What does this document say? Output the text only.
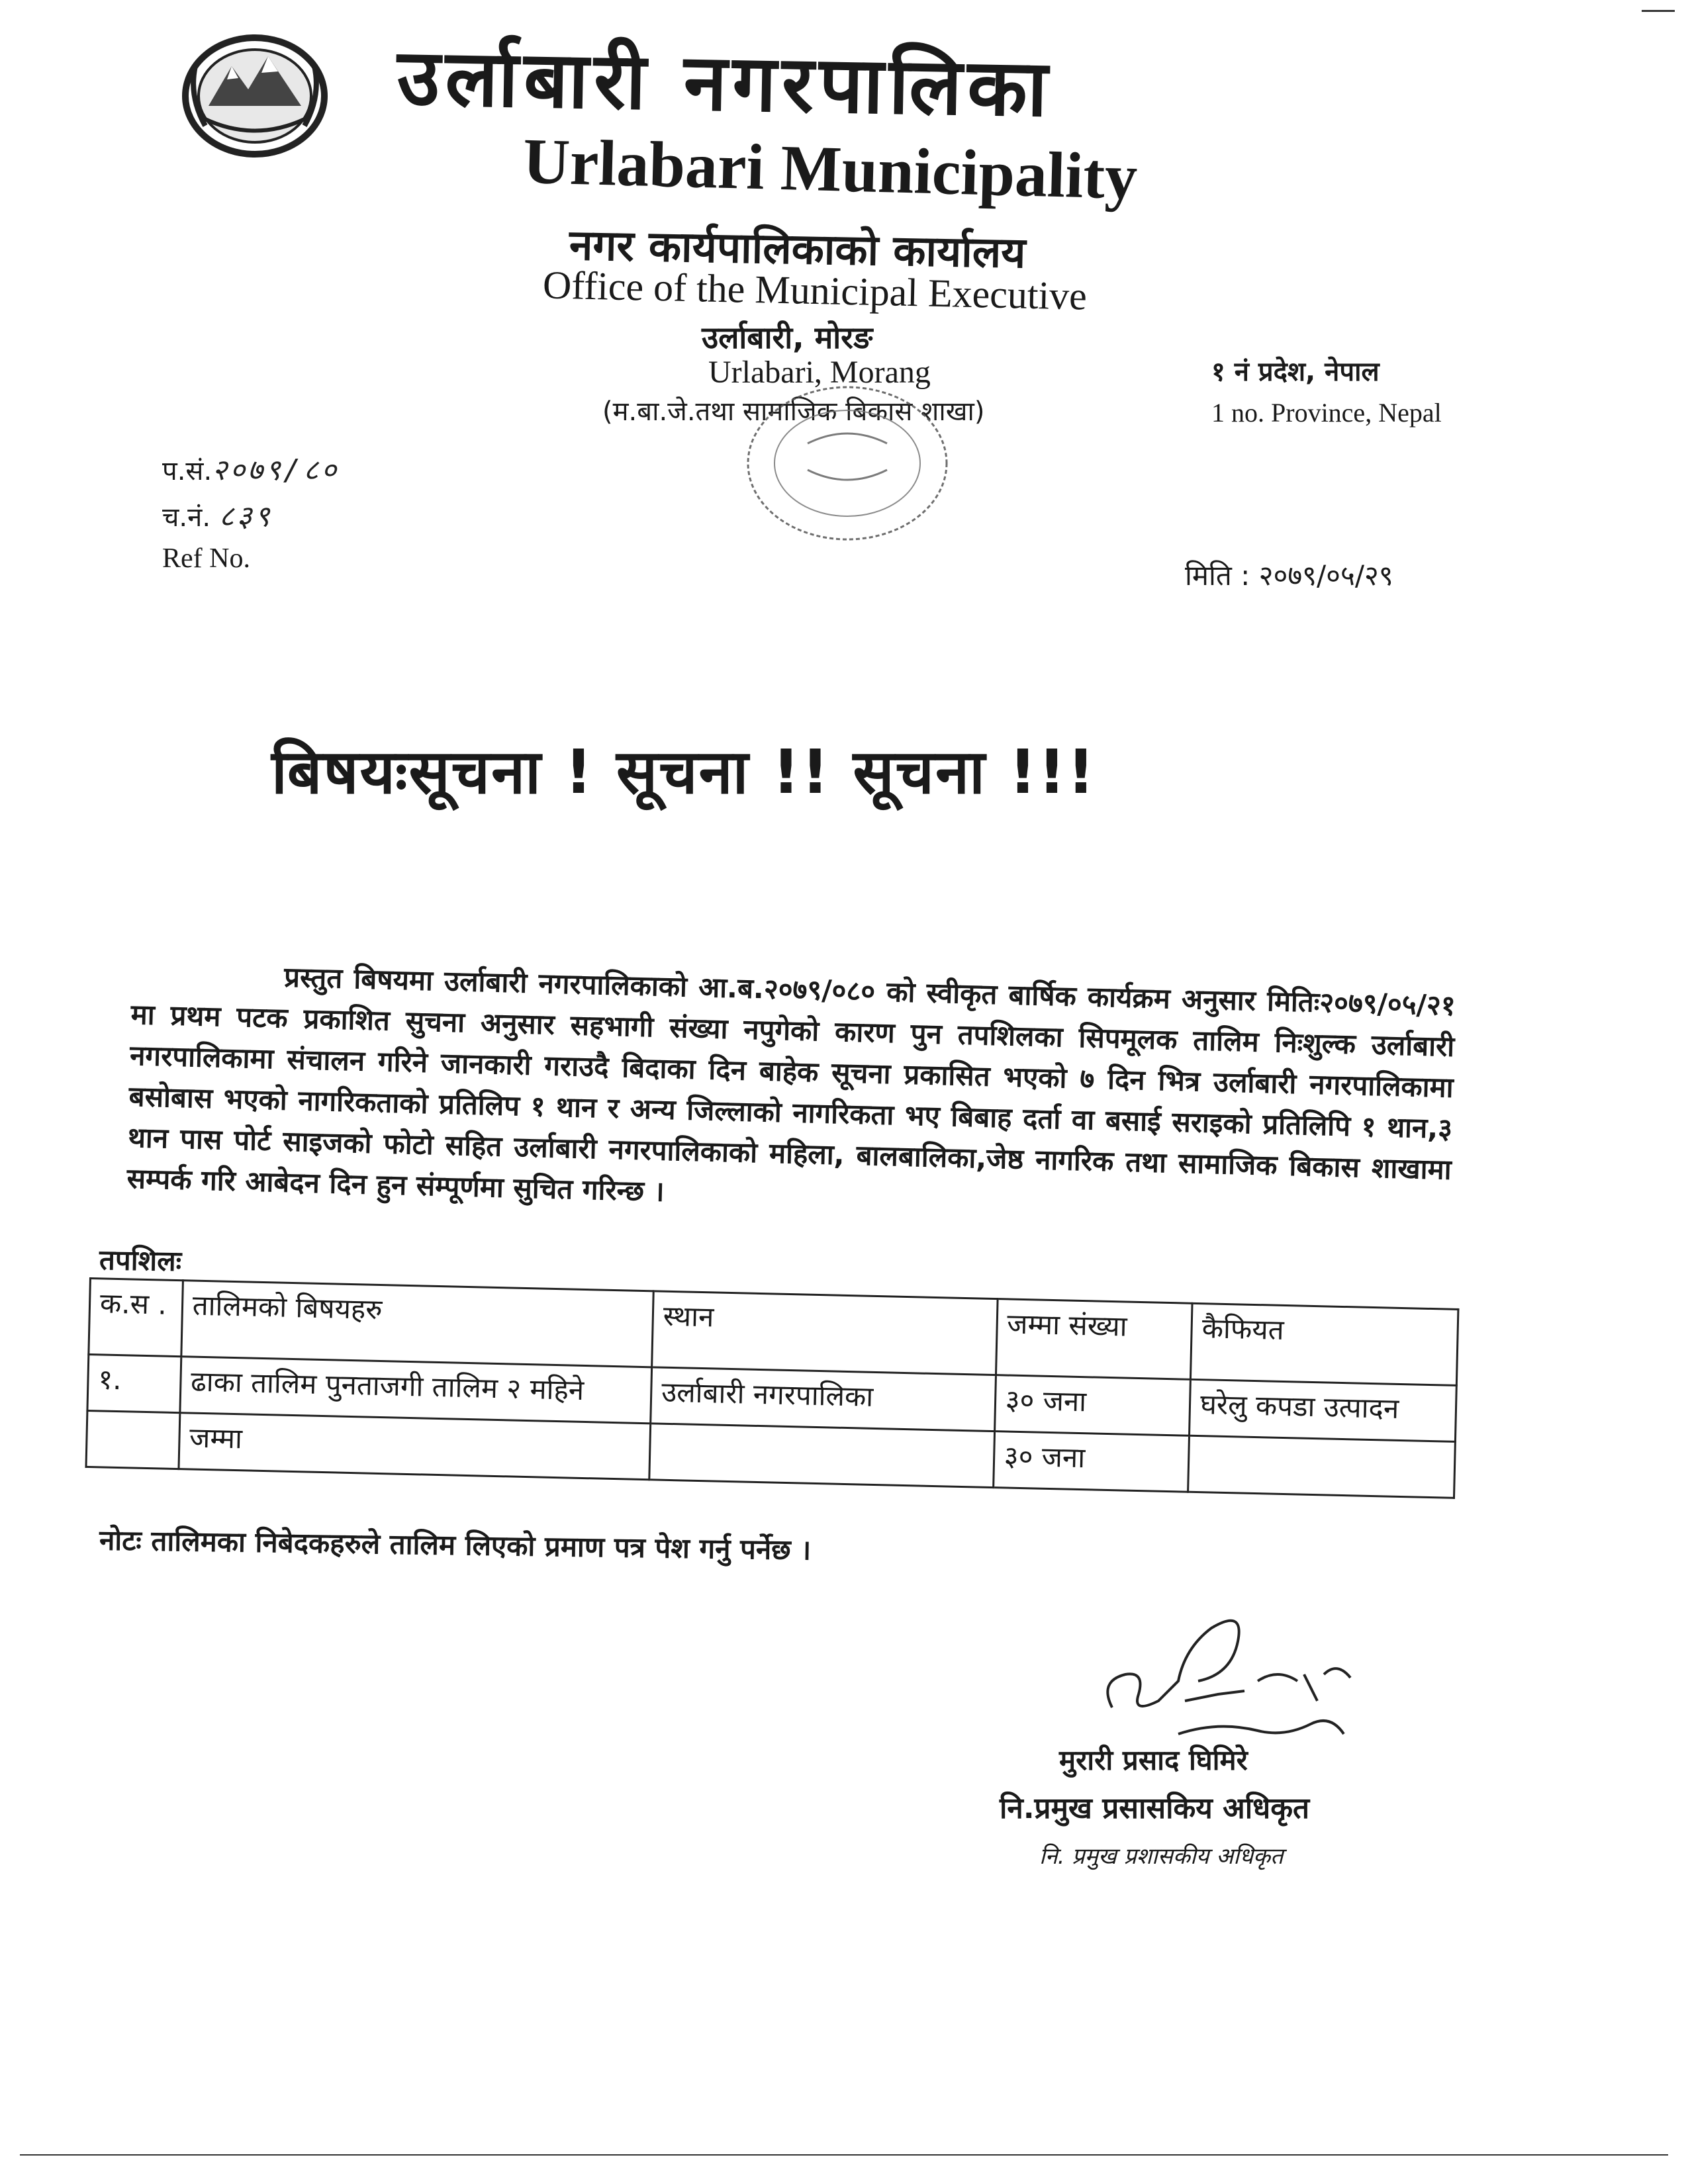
उर्लाबारी नगरपालिका
Urlabari Municipality
नगर कार्यपालिकाको कार्यालय
Office of the Municipal Executive
उर्लाबारी, मोरङ
Urlabari, Morang
(म.बा.जे.तथा सामाजिक बिकास शाखा)
१ नं प्रदेश, नेपाल
1 no. Province, Nepal
प.सं.२०७९/८०
च.नं. ८३९
Ref No.
मिति : २०७९/०५/२९
बिषयःसूचना ! सूचना !! सूचना !!!
प्रस्तुत बिषयमा उर्लाबारी नगरपालिकाको आ.ब.२०७९/०८० को स्वीकृत बार्षिक कार्यक्रम अनुसार मितिः२०७९/०५/२१ मा प्रथम पटक प्रकाशित सुचना अनुसार सहभागी संख्या नपुगेको कारण पुन तपशिलका सिपमूलक तालिम निःशुल्क उर्लाबारी नगरपालिकामा संचालन गरिने जानकारी गराउदै बिदाका दिन बाहेक सूचना प्रकासित भएको ७ दिन भित्र उर्लाबारी नगरपालिकामा बसोबास भएको नागरिकताको प्रतिलिप १ थान र अन्य जिल्लाको नागरिकता भए बिबाह दर्ता वा बसाई सराइको प्रतिलिपि १ थान,३ थान पास पोर्ट साइजको फोटो सहित उर्लाबारी नगरपालिकाको महिला, बालबालिका,जेष्ठ नागरिक तथा सामाजिक बिकास शाखामा सम्पर्क गरि आबेदन दिन हुन संम्पूर्णमा सुचित गरिन्छ ।
तपशिलः
क.स .	तालिमको बिषयहरु	स्थान	जम्मा संख्या	कैफियत
१.	ढाका तालिम पुनताजगी तालिम २ महिने	उर्लाबारी नगरपालिका	३० जना	घरेलु कपडा उत्पादन
	जम्मा		३० जना	
नोटः तालिमका निबेदकहरुले तालिम लिएको प्रमाण पत्र पेश गर्नु पर्नेछ ।
मुरारी प्रसाद घिमिरे
नि.प्रमुख प्रसासकिय अधिकृत
नि. प्रमुख प्रशासकीय अधिकृत
